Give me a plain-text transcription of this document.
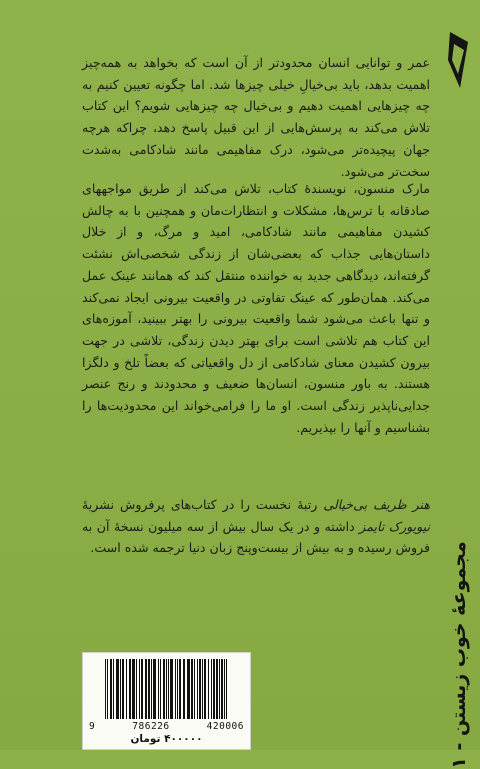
عمر و توانایی انسان محدودتر از آن است که بخواهد به همه‌چیز اهمیت بدهد، باید بی‌خیالِ خیلی چیزها شد. اما چگونه تعیین کنیم به چه چیزهایی اهمیت دهیم و بی‌خیال چه چیزهایی شویم؟ این کتاب تلاش می‌کند به پرسش‌هایی از این قبیل پاسخ دهد، چراکه هرچه جهان پیچیده‌تر می‌شود، درک مفاهیمی مانند شادکامی به‌شدت سخت‌تر می‌شود.

مارک منسون، نویسندهٔ کتاب، تلاش می‌کند از طریق مواجههای صادقانه با ترس‌ها، مشکلات و انتظارات‌مان و همچنین با به چالش کشیدن مفاهیمی مانند شادکامی، امید و مرگ، و از خلال داستان‌هایی جذاب که بعضی‌شان از زندگی شخصی‌اش نشئت گرفته‌اند، دیدگاهی جدید به خواننده منتقل کند که همانند عینک عمل می‌کند. همان‌طور که عینک تفاوتی در واقعیت بیرونی ایجاد نمی‌کند و تنها باعث می‌شود شما واقعیت بیرونی را بهتر ببینید، آموزه‌های این کتاب هم تلاشی است برای بهتر دیدن زندگی، تلاشی در جهت بیرون کشیدن معنای شادکامی از دل واقعیاتی که بعضاً تلخ و دلگزا هستند. به باور منسون، انسان‌ها ضعیف و محدودند و رنج عنصر جدایی‌ناپذیر زندگی است. او ما را فرامی‌خواند این محدودیت‌ها را بشناسیم و آنها را بپذیریم.

هنر ظریف بی‌خیالی رتبهٔ نخست را در کتاب‌های پرفروش نشریهٔ نیویورک تایمز داشته و در یک سال بیش از سه میلیون نسخهٔ آن به فروش رسیده و به بیش از بیست‌وپنج زبان دنیا ترجمه شده است.

مجموعهٔ خوب زیستن - ۱
9	786226	420006
۴۰۰۰۰۰ تومان
